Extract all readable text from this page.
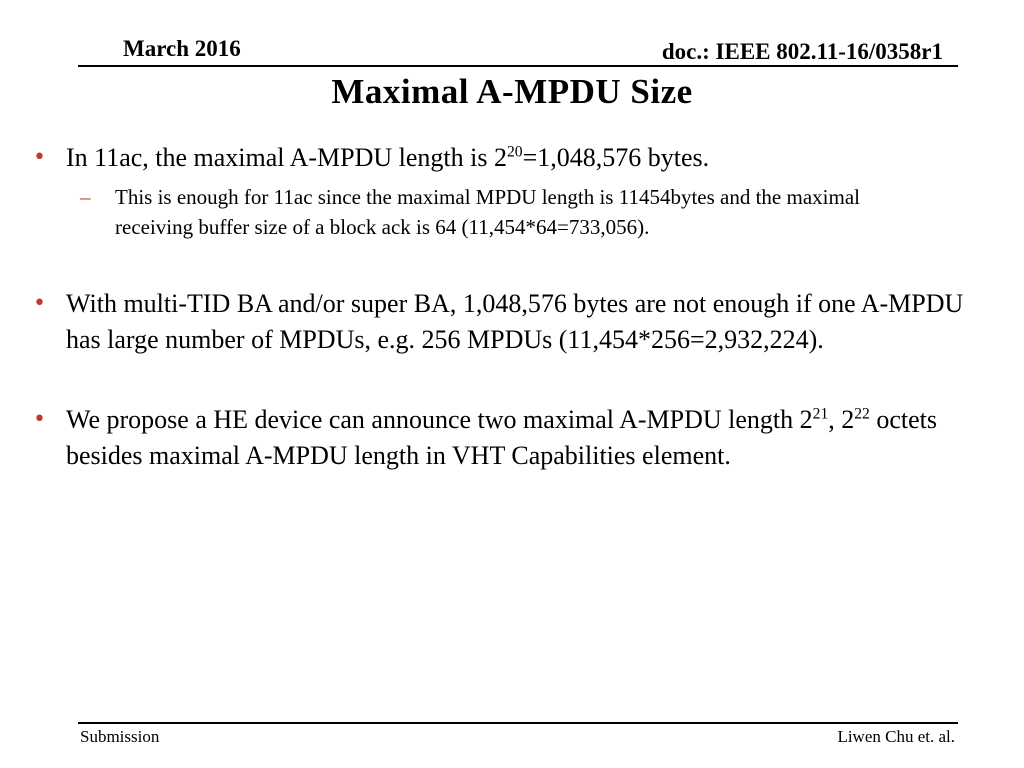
March 2016	doc.: IEEE 802.11-16/0358r1
Maximal A-MPDU Size
• In 11ac, the maximal A-MPDU length is $2^{20}=1,048,576$ bytes.
–	This is enough for 11ac since the maximal MPDU length is 11454bytes and the maximal receiving buffer size of a block ack is 64 (11,454*64=733,056).
• With multi-TID BA and/or super BA, 1,048,576 bytes are not enough if one A-MPDU has large number of MPDUs, e.g. 256 MPDUs (11,454*256=2,932,224).
• We propose a HE device can announce two maximal A-MPDU length $2^{21}$, $2^{22}$ octets besides maximal A-MPDU length in VHT Capabilities element.
Submission	Liwen Chu et. al.
